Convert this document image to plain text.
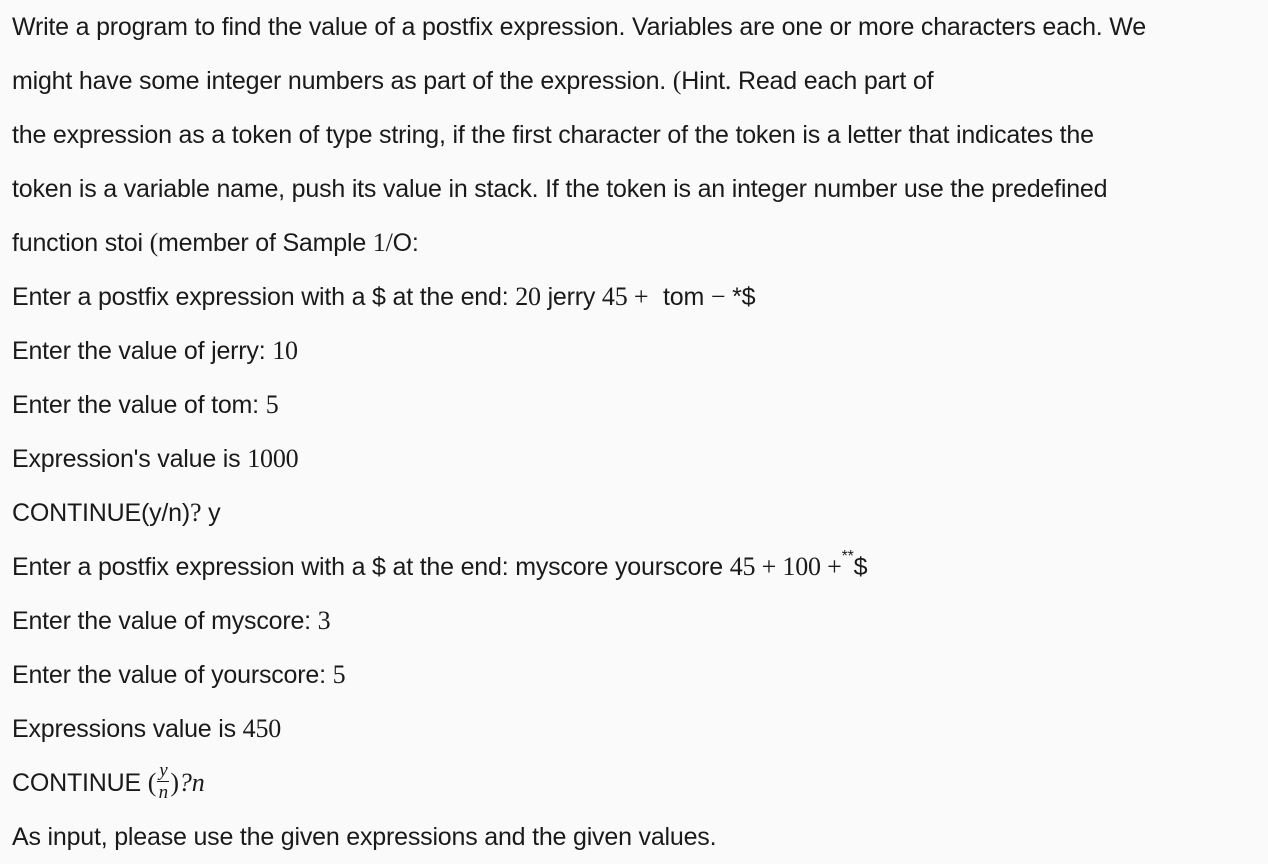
Write a program to find the value of a postfix expression. Variables are one or more characters each. We
might have some integer numbers as part of the expression. (Hint. Read each part of
the expression as a token of type string, if the first character of the token is a letter that indicates the
token is a variable name, push its value in stack. If the token is an integer number use the predefined
function stoi (member of Sample 1/O:
Enter a postfix expression with a $ at the end: 20 jerry 45 + tom − *$
Enter the value of jerry: 10
Enter the value of tom: 5
Expression's value is 1000
CONTINUE(y/n)? y
Enter a postfix expression with a $ at the end: myscore yourscore 45 + 100 +**$
Enter the value of myscore: 3
Enter the value of yourscore: 5
Expressions value is 450
CONTINUE ( $\frac{y}{n}$ )?n
As input, please use the given expressions and the given values.
